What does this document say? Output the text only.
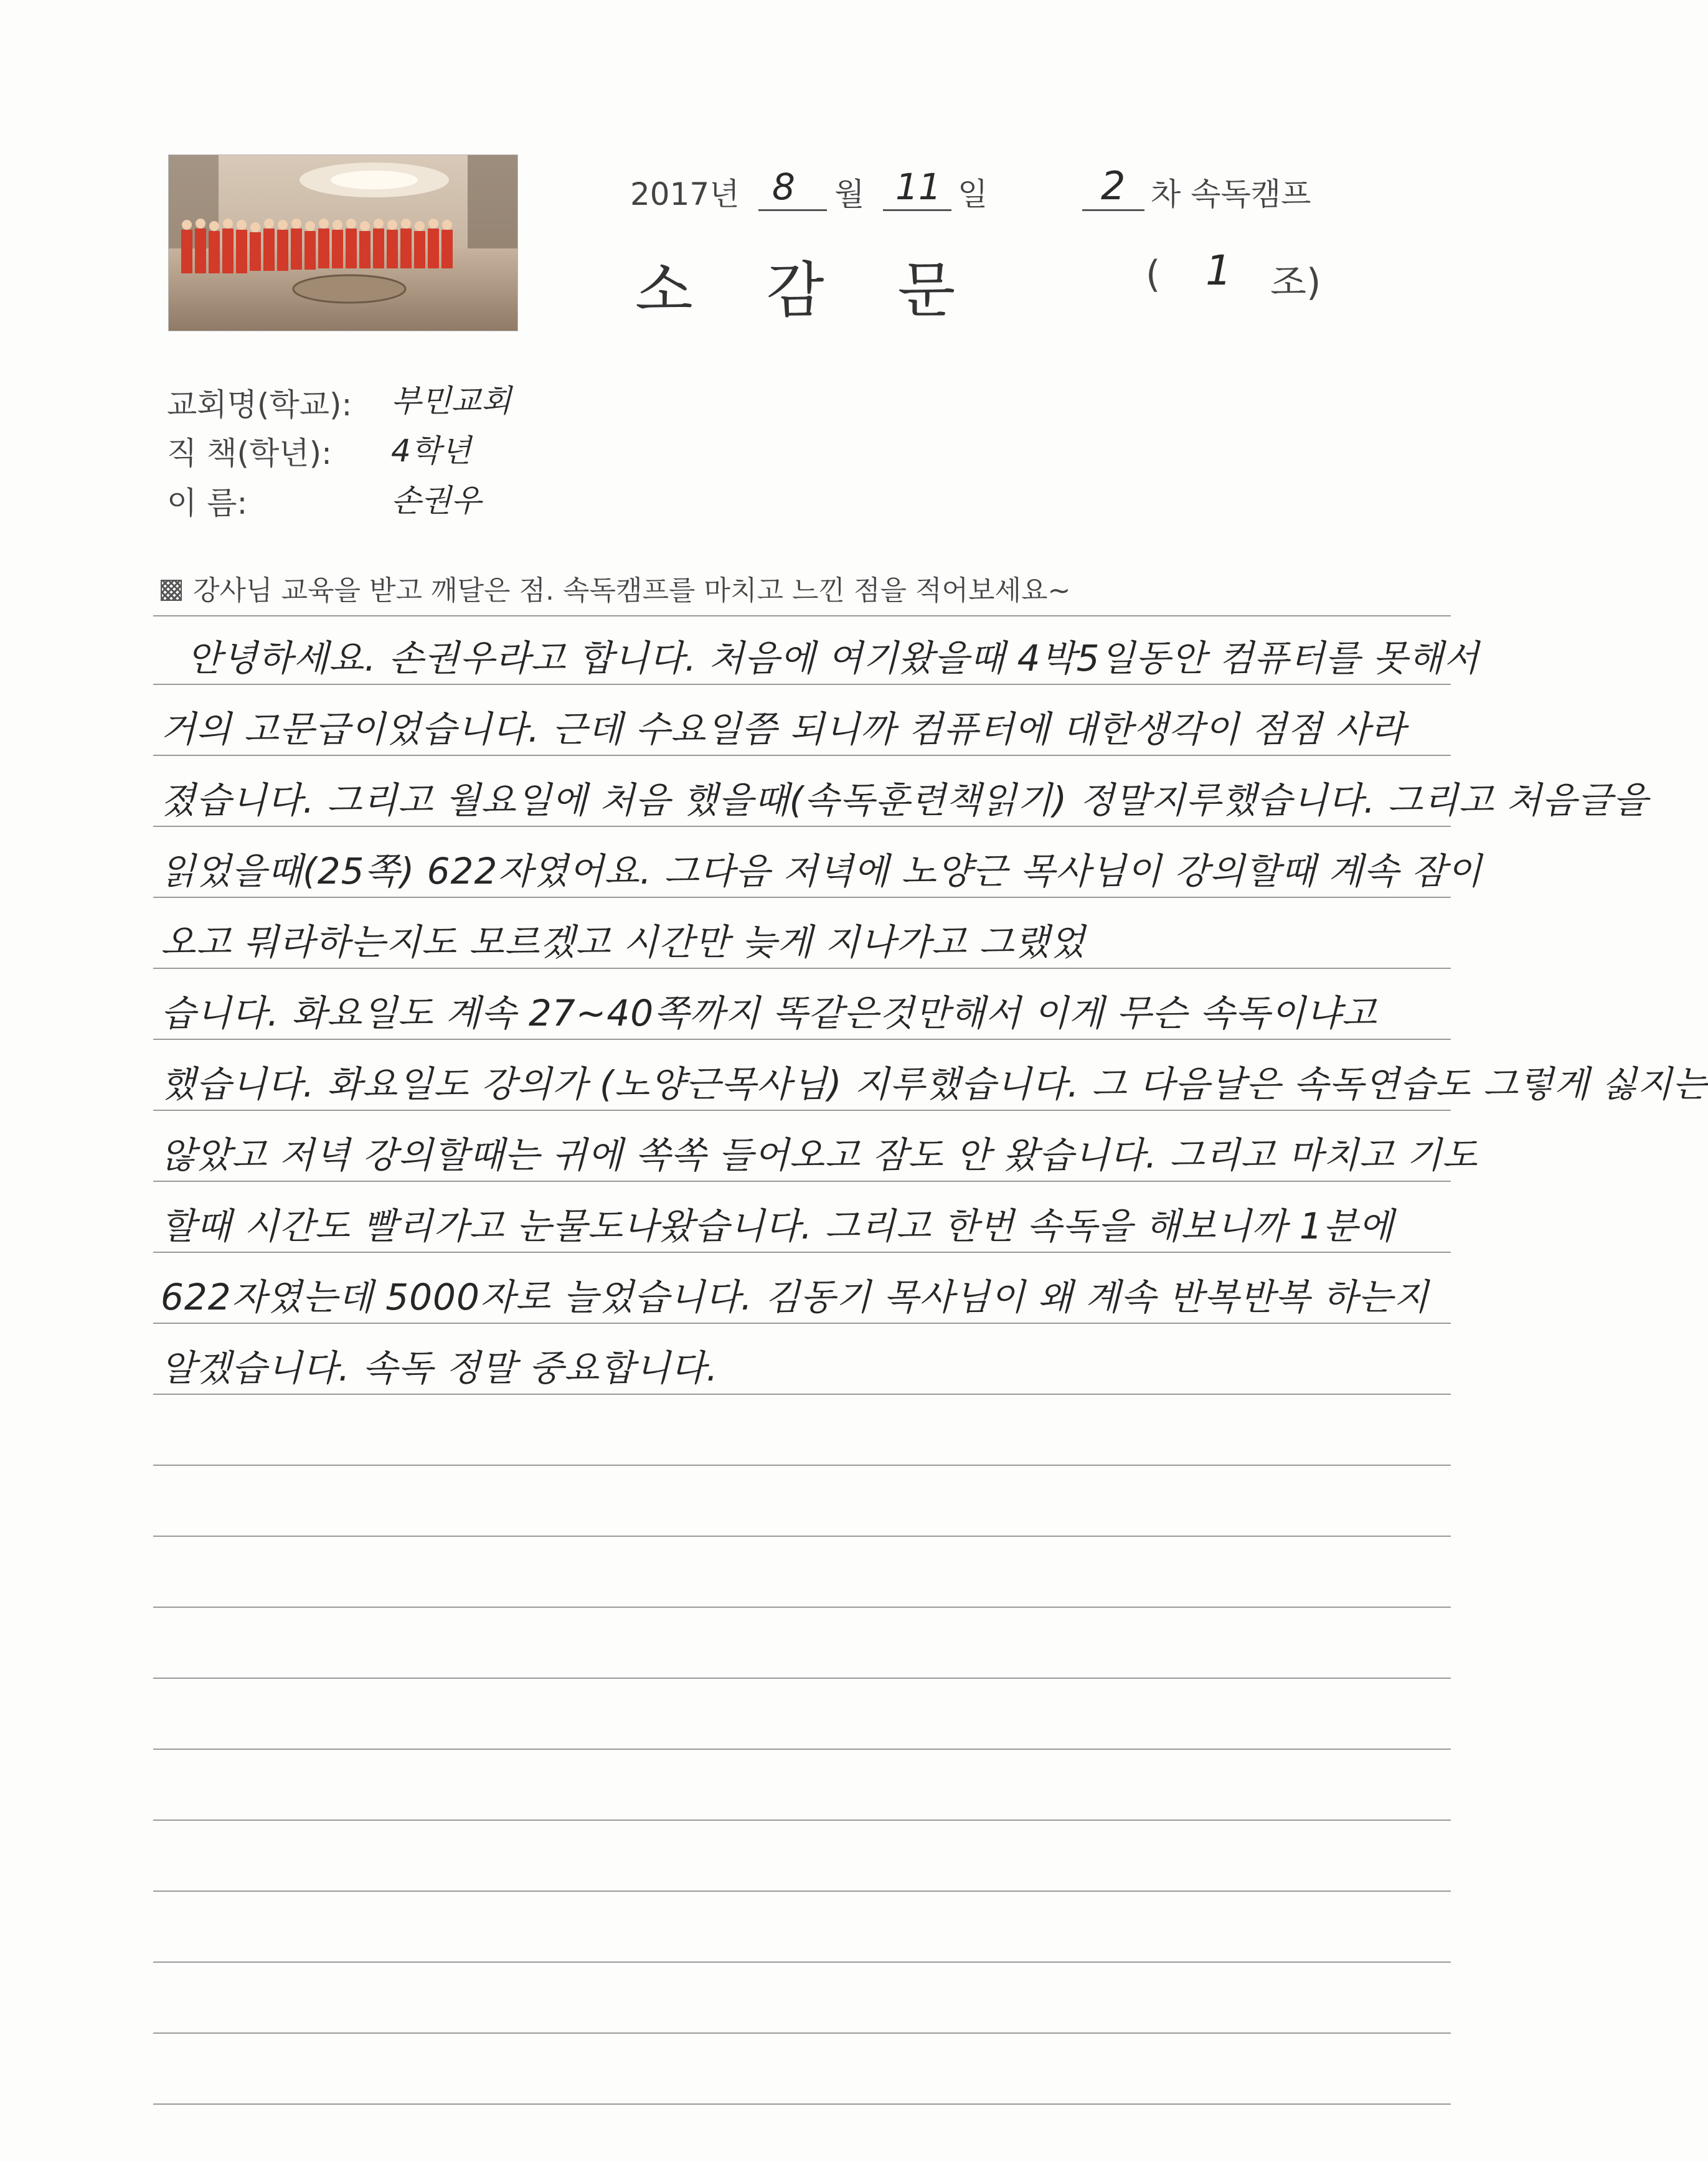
2017년 8 월 11 일	2 차 속독캠프
소 감 문	( 1 조)
교회명(학교): 부민교회
직 책(학년): 4학년
이 름:	손권우
강사님 교육을 받고 깨달은 점. 속독캠프를 마치고 느낀 점을 적어보세요~
안녕하세요. 손권우라고 합니다. 처음에 여기왔을때 4박5일동안 컴퓨터를 못해서
거의 고문급이었습니다. 근데 수요일쯤 되니까 컴퓨터에 대한생각이 점점 사라
졌습니다. 그리고 월요일에 처음 했을때(속독훈련책읽기) 정말지루했습니다. 그리고 처음글을
읽었을때(25쪽) 622자였어요. 그다음 저녁에 노양근 목사님이 강의할때 계속 잠이
오고 뭐라하는지도 모르겠고 시간만 늦게 지나가고 그랬었
습니다. 화요일도 계속 27~40쪽까지 똑같은것만해서 이게 무슨 속독이냐고
했습니다. 화요일도 강의가 (노양근목사님) 지루했습니다. 그 다음날은 속독연습도 그렇게 싫지는
않았고 저녁 강의할때는 귀에 쏙쏙 들어오고 잠도 안 왔습니다. 그리고 마치고 기도
할때 시간도 빨리가고 눈물도나왔습니다. 그리고 한번 속독을 해보니까 1분에
622자였는데 5000자로 늘었습니다. 김동기 목사님이 왜 계속 반복반복 하는지
알겠습니다. 속독 정말 중요합니다.
